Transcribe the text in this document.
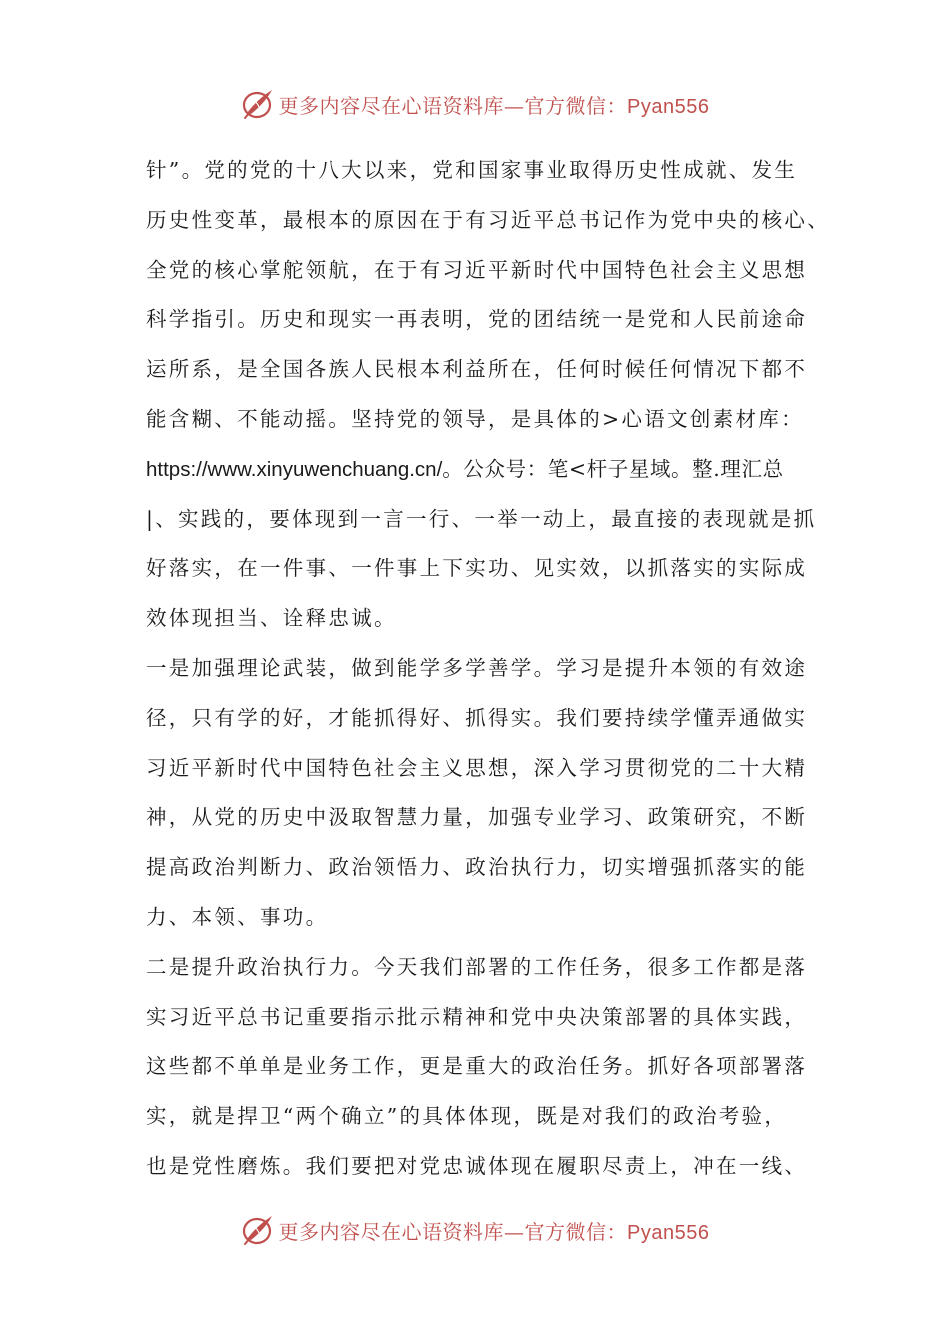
更多内容尽在心语资料库—官方微信：Pyan556
针”。党的党的十八大以来，党和国家事业取得历史性成就、发生
历史性变革，最根本的原因在于有习近平总书记作为党中央的核心、
全党的核心掌舵领航，在于有习近平新时代中国特色社会主义思想
科学指引。历史和现实一再表明，党的团结统一是党和人民前途命
运所系，是全国各族人民根本利益所在，任何时候任何情况下都不
能含糊、不能动摇。坚持党的领导，是具体的>心语文创素材库：
https://www.xinyuwenchuang.cn/。公众号：笔<杆子星域。整.理汇总
|、实践的，要体现到一言一行、一举一动上，最直接的表现就是抓
好落实，在一件事、一件事上下实功、见实效，以抓落实的实际成
效体现担当、诠释忠诚。
一是加强理论武装，做到能学多学善学。学习是提升本领的有效途
径，只有学的好，才能抓得好、抓得实。我们要持续学懂弄通做实
习近平新时代中国特色社会主义思想，深入学习贯彻党的二十大精
神，从党的历史中汲取智慧力量，加强专业学习、政策研究，不断
提高政治判断力、政治领悟力、政治执行力，切实增强抓落实的能
力、本领、事功。
二是提升政治执行力。今天我们部署的工作任务，很多工作都是落
实习近平总书记重要指示批示精神和党中央决策部署的具体实践，
这些都不单单是业务工作，更是重大的政治任务。抓好各项部署落
实，就是捍卫“两个确立”的具体体现，既是对我们的政治考验，
也是党性磨炼。我们要把对党忠诚体现在履职尽责上，冲在一线、
更多内容尽在心语资料库—官方微信：Pyan556
